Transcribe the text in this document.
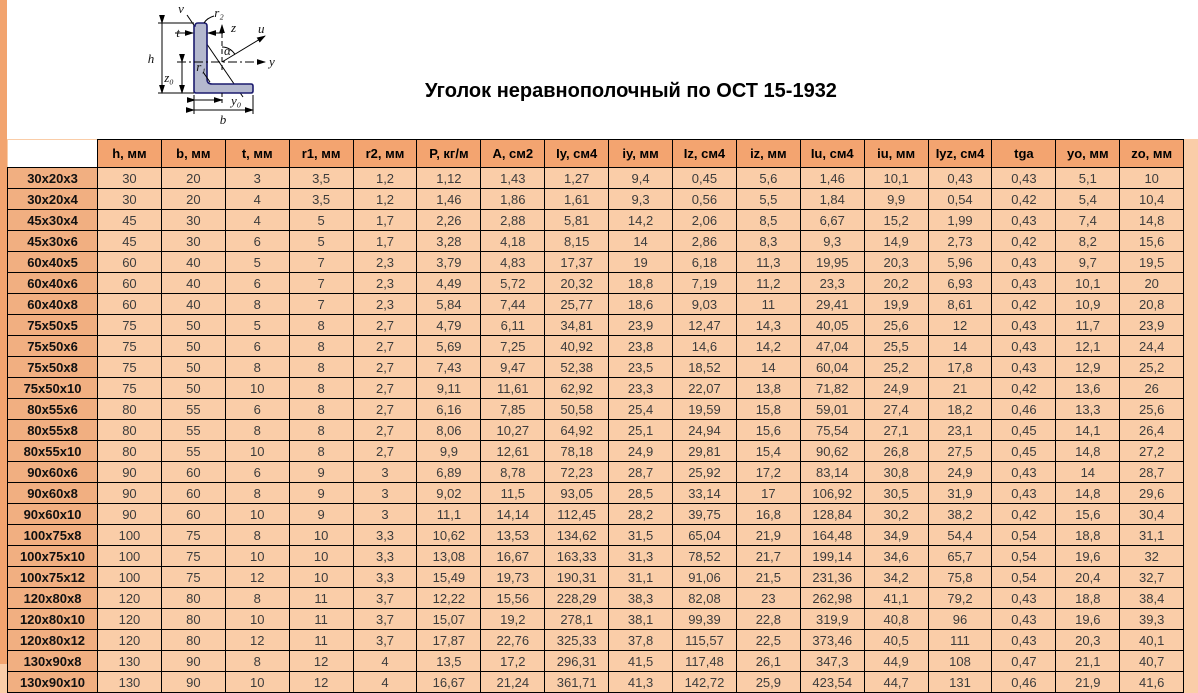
v r₂
t	z u
α
y
h
z₀
r₁
y₀
b
Уголок неравнополочный по ОСТ 15-1932
	h, мм	b, мм	t, мм	r1, мм	r2, мм	P, кг/м	A, см2	Iy, см4	iy, мм	Iz, см4	iz, мм	Iu, см4	iu, мм	Iyz, см4	tga	yo, мм	zo, мм
30x20x3	30	20	3	3,5	1,2	1,12	1,43	1,27	9,4	0,45	5,6	1,46	10,1	0,43	0,43	5,1	10
30x20x4	30	20	4	3,5	1,2	1,46	1,86	1,61	9,3	0,56	5,5	1,84	9,9	0,54	0,42	5,4	10,4
45x30x4	45	30	4	5	1,7	2,26	2,88	5,81	14,2	2,06	8,5	6,67	15,2	1,99	0,43	7,4	14,8
45x30x6	45	30	6	5	1,7	3,28	4,18	8,15	14	2,86	8,3	9,3	14,9	2,73	0,42	8,2	15,6
60x40x5	60	40	5	7	2,3	3,79	4,83	17,37	19	6,18	11,3	19,95	20,3	5,96	0,43	9,7	19,5
60x40x6	60	40	6	7	2,3	4,49	5,72	20,32	18,8	7,19	11,2	23,3	20,2	6,93	0,43	10,1	20
60x40x8	60	40	8	7	2,3	5,84	7,44	25,77	18,6	9,03	11	29,41	19,9	8,61	0,42	10,9	20,8
75x50x5	75	50	5	8	2,7	4,79	6,11	34,81	23,9	12,47	14,3	40,05	25,6	12	0,43	11,7	23,9
75x50x6	75	50	6	8	2,7	5,69	7,25	40,92	23,8	14,6	14,2	47,04	25,5	14	0,43	12,1	24,4
75x50x8	75	50	8	8	2,7	7,43	9,47	52,38	23,5	18,52	14	60,04	25,2	17,8	0,43	12,9	25,2
75x50x10	75	50	10	8	2,7	9,11	11,61	62,92	23,3	22,07	13,8	71,82	24,9	21	0,42	13,6	26
80x55x6	80	55	6	8	2,7	6,16	7,85	50,58	25,4	19,59	15,8	59,01	27,4	18,2	0,46	13,3	25,6
80x55x8	80	55	8	8	2,7	8,06	10,27	64,92	25,1	24,94	15,6	75,54	27,1	23,1	0,45	14,1	26,4
80x55x10	80	55	10	8	2,7	9,9	12,61	78,18	24,9	29,81	15,4	90,62	26,8	27,5	0,45	14,8	27,2
90x60x6	90	60	6	9	3	6,89	8,78	72,23	28,7	25,92	17,2	83,14	30,8	24,9	0,43	14	28,7
90x60x8	90	60	8	9	3	9,02	11,5	93,05	28,5	33,14	17	106,92	30,5	31,9	0,43	14,8	29,6
90x60x10	90	60	10	9	3	11,1	14,14	112,45	28,2	39,75	16,8	128,84	30,2	38,2	0,42	15,6	30,4
100x75x8	100	75	8	10	3,3	10,62	13,53	134,62	31,5	65,04	21,9	164,48	34,9	54,4	0,54	18,8	31,1
100x75x10	100	75	10	10	3,3	13,08	16,67	163,33	31,3	78,52	21,7	199,14	34,6	65,7	0,54	19,6	32
100x75x12	100	75	12	10	3,3	15,49	19,73	190,31	31,1	91,06	21,5	231,36	34,2	75,8	0,54	20,4	32,7
120x80x8	120	80	8	11	3,7	12,22	15,56	228,29	38,3	82,08	23	262,98	41,1	79,2	0,43	18,8	38,4
120x80x10	120	80	10	11	3,7	15,07	19,2	278,1	38,1	99,39	22,8	319,9	40,8	96	0,43	19,6	39,3
120x80x12	120	80	12	11	3,7	17,87	22,76	325,33	37,8	115,57	22,5	373,46	40,5	111	0,43	20,3	40,1
130x90x8	130	90	8	12	4	13,5	17,2	296,31	41,5	117,48	26,1	347,3	44,9	108	0,47	21,1	40,7
130x90x10	130	90	10	12	4	16,67	21,24	361,71	41,3	142,72	25,9	423,54	44,7	131	0,46	21,9	41,6
